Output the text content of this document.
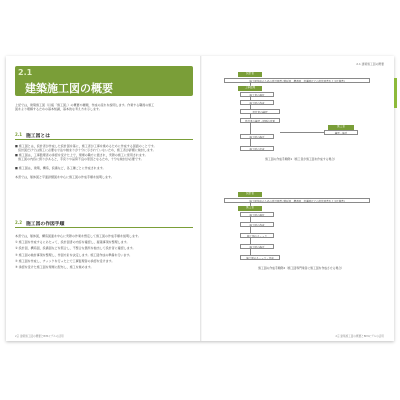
2.1
建築施工図の概要
上記では，建築施工図（以後「施工図」）の概要や種類，作成の流れを説明します。作業する職員の施工
図をより理解するための基本知識，基本的な考え方を示します。
2.1 施工図とは
■ 施工図とは，設計者が作成した設計図を基に，施工者が工事を進めるために作成する図面のことです。
　設計図だけでは施工に必要な寸法や納まりが十分に示されていないため，施工者が詳細に検討します。
■ 施工図は，工事監理者の承認を受けた上で，現場の職方に渡され，実際の施工に使用されます。
　施工図の内容に誤りがあると，手戻りや品質不良の原因となるため，十分な検討が必要です。

■ 施工図は，建築，構造，設備など，各工種ごとに作成されます。

本書では，躯体図と平面詳細図を中心に施工図の作成手順を説明します。
2.2 施工図の作図手順
本書では，躯体図，構造図面を中心に実際の作業を想定して施工図の作成手順を説明します。
① 施工図を作成するにあたって，設計図書の内容を確認し，疑義事項を整理します。
② 設計図，構造図，設備図などを照合し，不整合な箇所を抽出して設計者に確認します。
③ 施工図の検討事項を整理し，作図方針を決定します。施工図作成の準備を行います。
④ 施工図を作成し，チェックを行った上で工事監理者の承認を受けます。
⑤ 承認を受けた施工図を現場に配布し，施工を進めます。
2章 建築施工図の概要とBIMモデルの活用
2.1 建築施工図の概要
設計者
施工図作成のための設計図書 (意匠図，構造図，設備図などの設計図書および仕様書)
工事監理
施工者の検討
施工図の作成
設計者の確認
設計者の確認・図面の変更
施工者
確認・修正
施工図の修正
施工図の完成
施工図の作成手順例1（施工者が施工図を作成する場合）
設計者
施工図作成のための設計図書 (意匠図，構造図，設備図などの設計図書および仕様書)
施工者
施工図の検討
施工図の作成
施工図のチェック
施工図の修正
施工図のチェック・完成
施工図の作成手順例2（施工図専門業者に施工図を作成させる場合）
2章 建築施工図の概要とBIMモデルの活用
